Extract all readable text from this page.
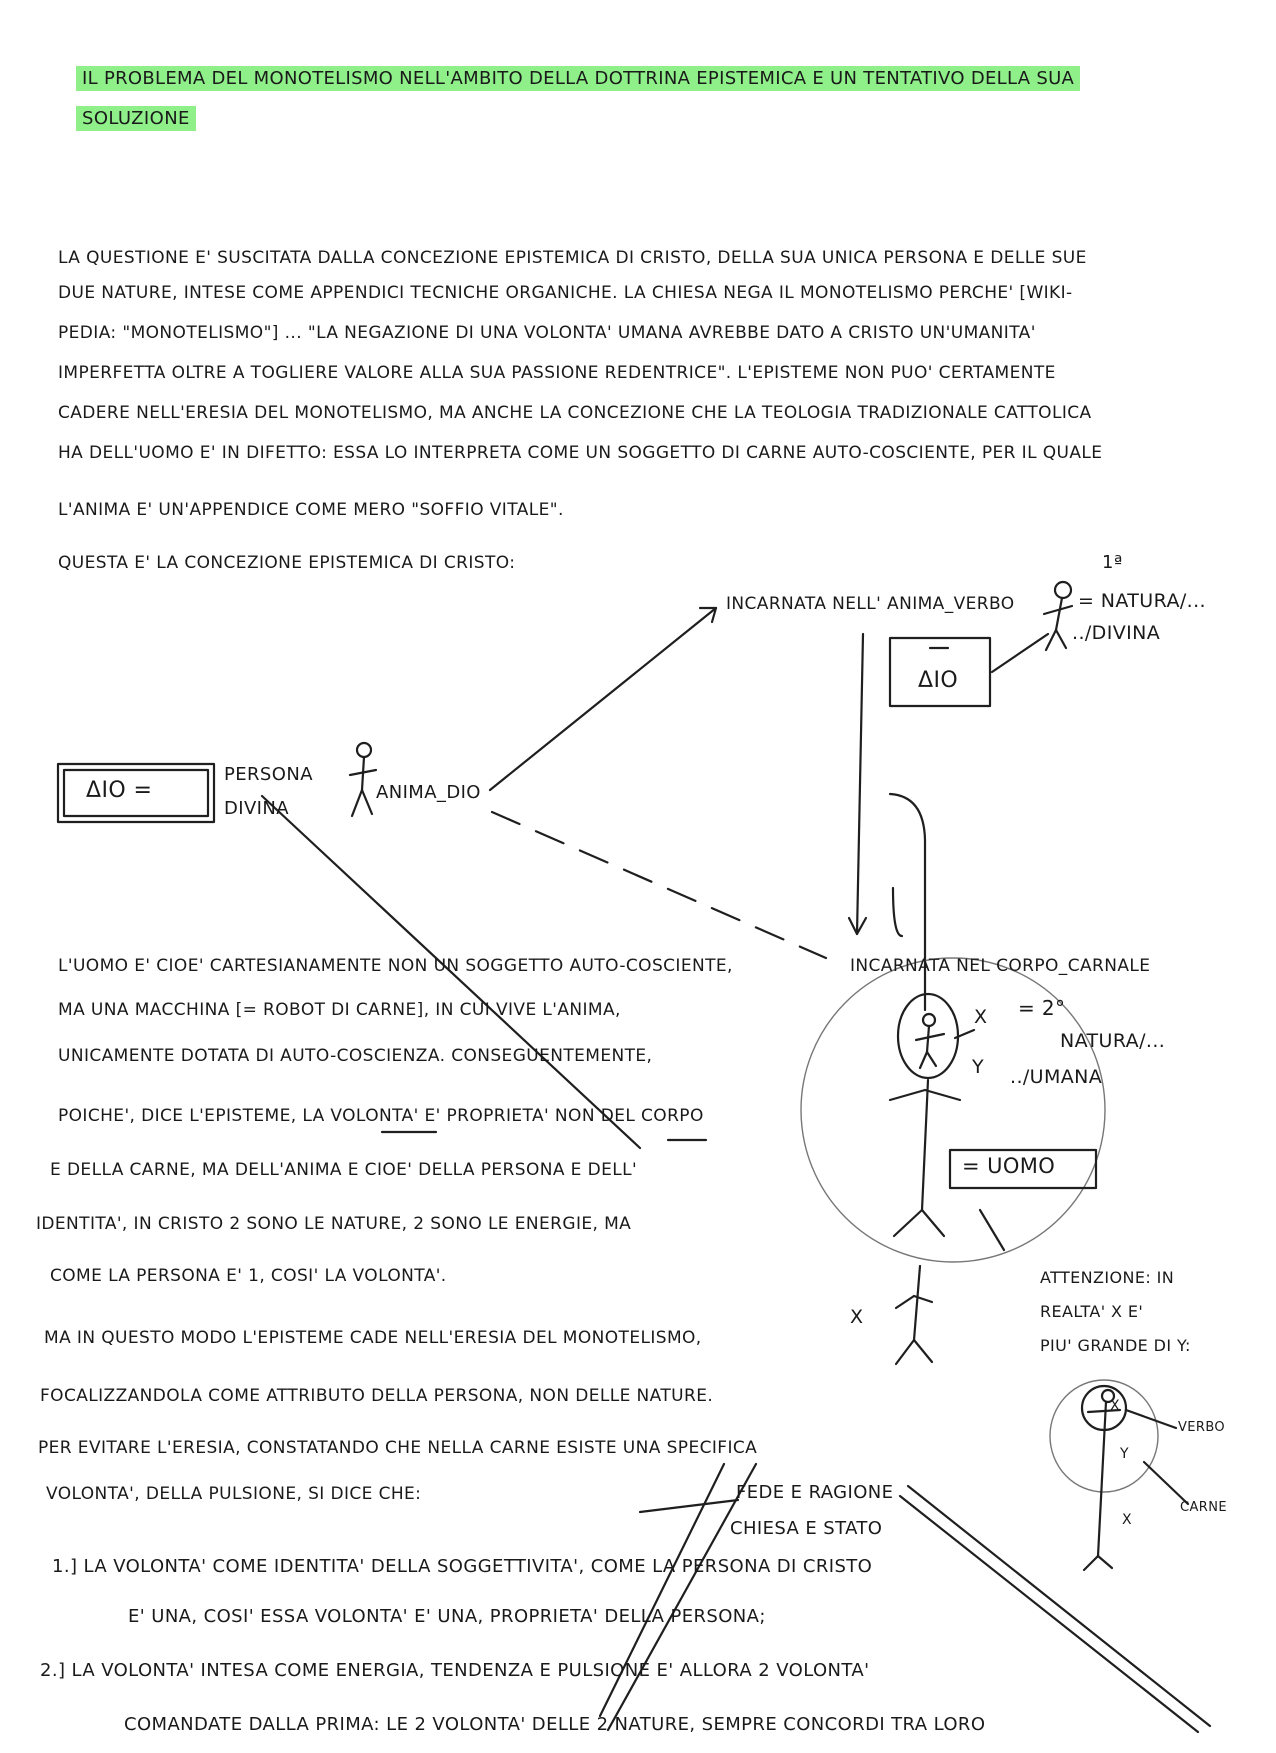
IL PROBLEMA DEL MONOTELISMO NELL'AMBITO DELLA DOTTRINA EPISTEMICA E UN TENTATIVO DELLA SUA
SOLUZIONE
LA QUESTIONE E' SUSCITATA DALLA CONCEZIONE EPISTEMICA DI CRISTO, DELLA SUA UNICA PERSONA E DELLE SUE
DUE NATURE, INTESE COME APPENDICI TECNICHE ORGANICHE. LA CHIESA NEGA IL MONOTELISMO PERCHE' [WIKI-
PEDIA: "MONOTELISMO"] ... "LA NEGAZIONE DI UNA VOLONTA' UMANA AVREBBE DATO A CRISTO UN'UMANITA'
IMPERFETTA OLTRE A TOGLIERE VALORE ALLA SUA PASSIONE REDENTRICE". L'EPISTEME NON PUO' CERTAMENTE
CADERE NELL'ERESIA DEL MONOTELISMO, MA ANCHE LA CONCEZIONE CHE LA TEOLOGIA TRADIZIONALE CATTOLICA
HA DELL'UOMO E' IN DIFETTO: ESSA LO INTERPRETA COME UN SOGGETTO DI CARNE AUTO-COSCIENTE, PER IL QUALE
L'ANIMA E' UN'APPENDICE COME MERO "SOFFIO VITALE".
QUESTA E' LA CONCEZIONE EPISTEMICA DI CRISTO:
ΔIO =
PERSONA
DIVINA
ANIMA_DIO
INCARNATA NELL' ANIMA_VERBO
1ª
= NATURA/...
../DIVINA
ΔIO
INCARNATA NEL CORPO_CARNALE
= 2°
NATURA/...
../UMANA
X
Y
= UOMO
X
ATTENZIONE: IN
REALTA' X E'
PIU' GRANDE DI Y:
VERBO
CARNE
X
Y
X
L'UOMO E' CIOE' CARTESIANAMENTE NON UN SOGGETTO AUTO-COSCIENTE,
MA UNA MACCHINA [= ROBOT DI CARNE], IN CUI VIVE L'ANIMA,
UNICAMENTE DOTATA DI AUTO-COSCIENZA. CONSEGUENTEMENTE,
POICHE', DICE L'EPISTEME, LA VOLONTA' E' PROPRIETA' NON DEL CORPO
E DELLA CARNE, MA DELL'ANIMA E CIOE' DELLA PERSONA E DELL'
IDENTITA', IN CRISTO 2 SONO LE NATURE, 2 SONO LE ENERGIE, MA
COME LA PERSONA E' 1, COSI' LA VOLONTA'.
MA IN QUESTO MODO L'EPISTEME CADE NELL'ERESIA DEL MONOTELISMO,
FOCALIZZANDOLA COME ATTRIBUTO DELLA PERSONA, NON DELLE NATURE.
PER EVITARE L'ERESIA, CONSTATANDO CHE NELLA CARNE ESISTE UNA SPECIFICA
VOLONTA', DELLA PULSIONE, SI DICE CHE:	FEDE E RAGIONE
CHIESA E STATO
1.] LA VOLONTA' COME IDENTITA' DELLA SOGGETTIVITA', COME LA PERSONA DI CRISTO
E' UNA, COSI' ESSA VOLONTA' E' UNA, PROPRIETA' DELLA PERSONA;
2.] LA VOLONTA' INTESA COME ENERGIA, TENDENZA E PULSIONE E' ALLORA 2 VOLONTA'
COMANDATE DALLA PRIMA: LE 2 VOLONTA' DELLE 2 NATURE, SEMPRE CONCORDI TRA LORO
